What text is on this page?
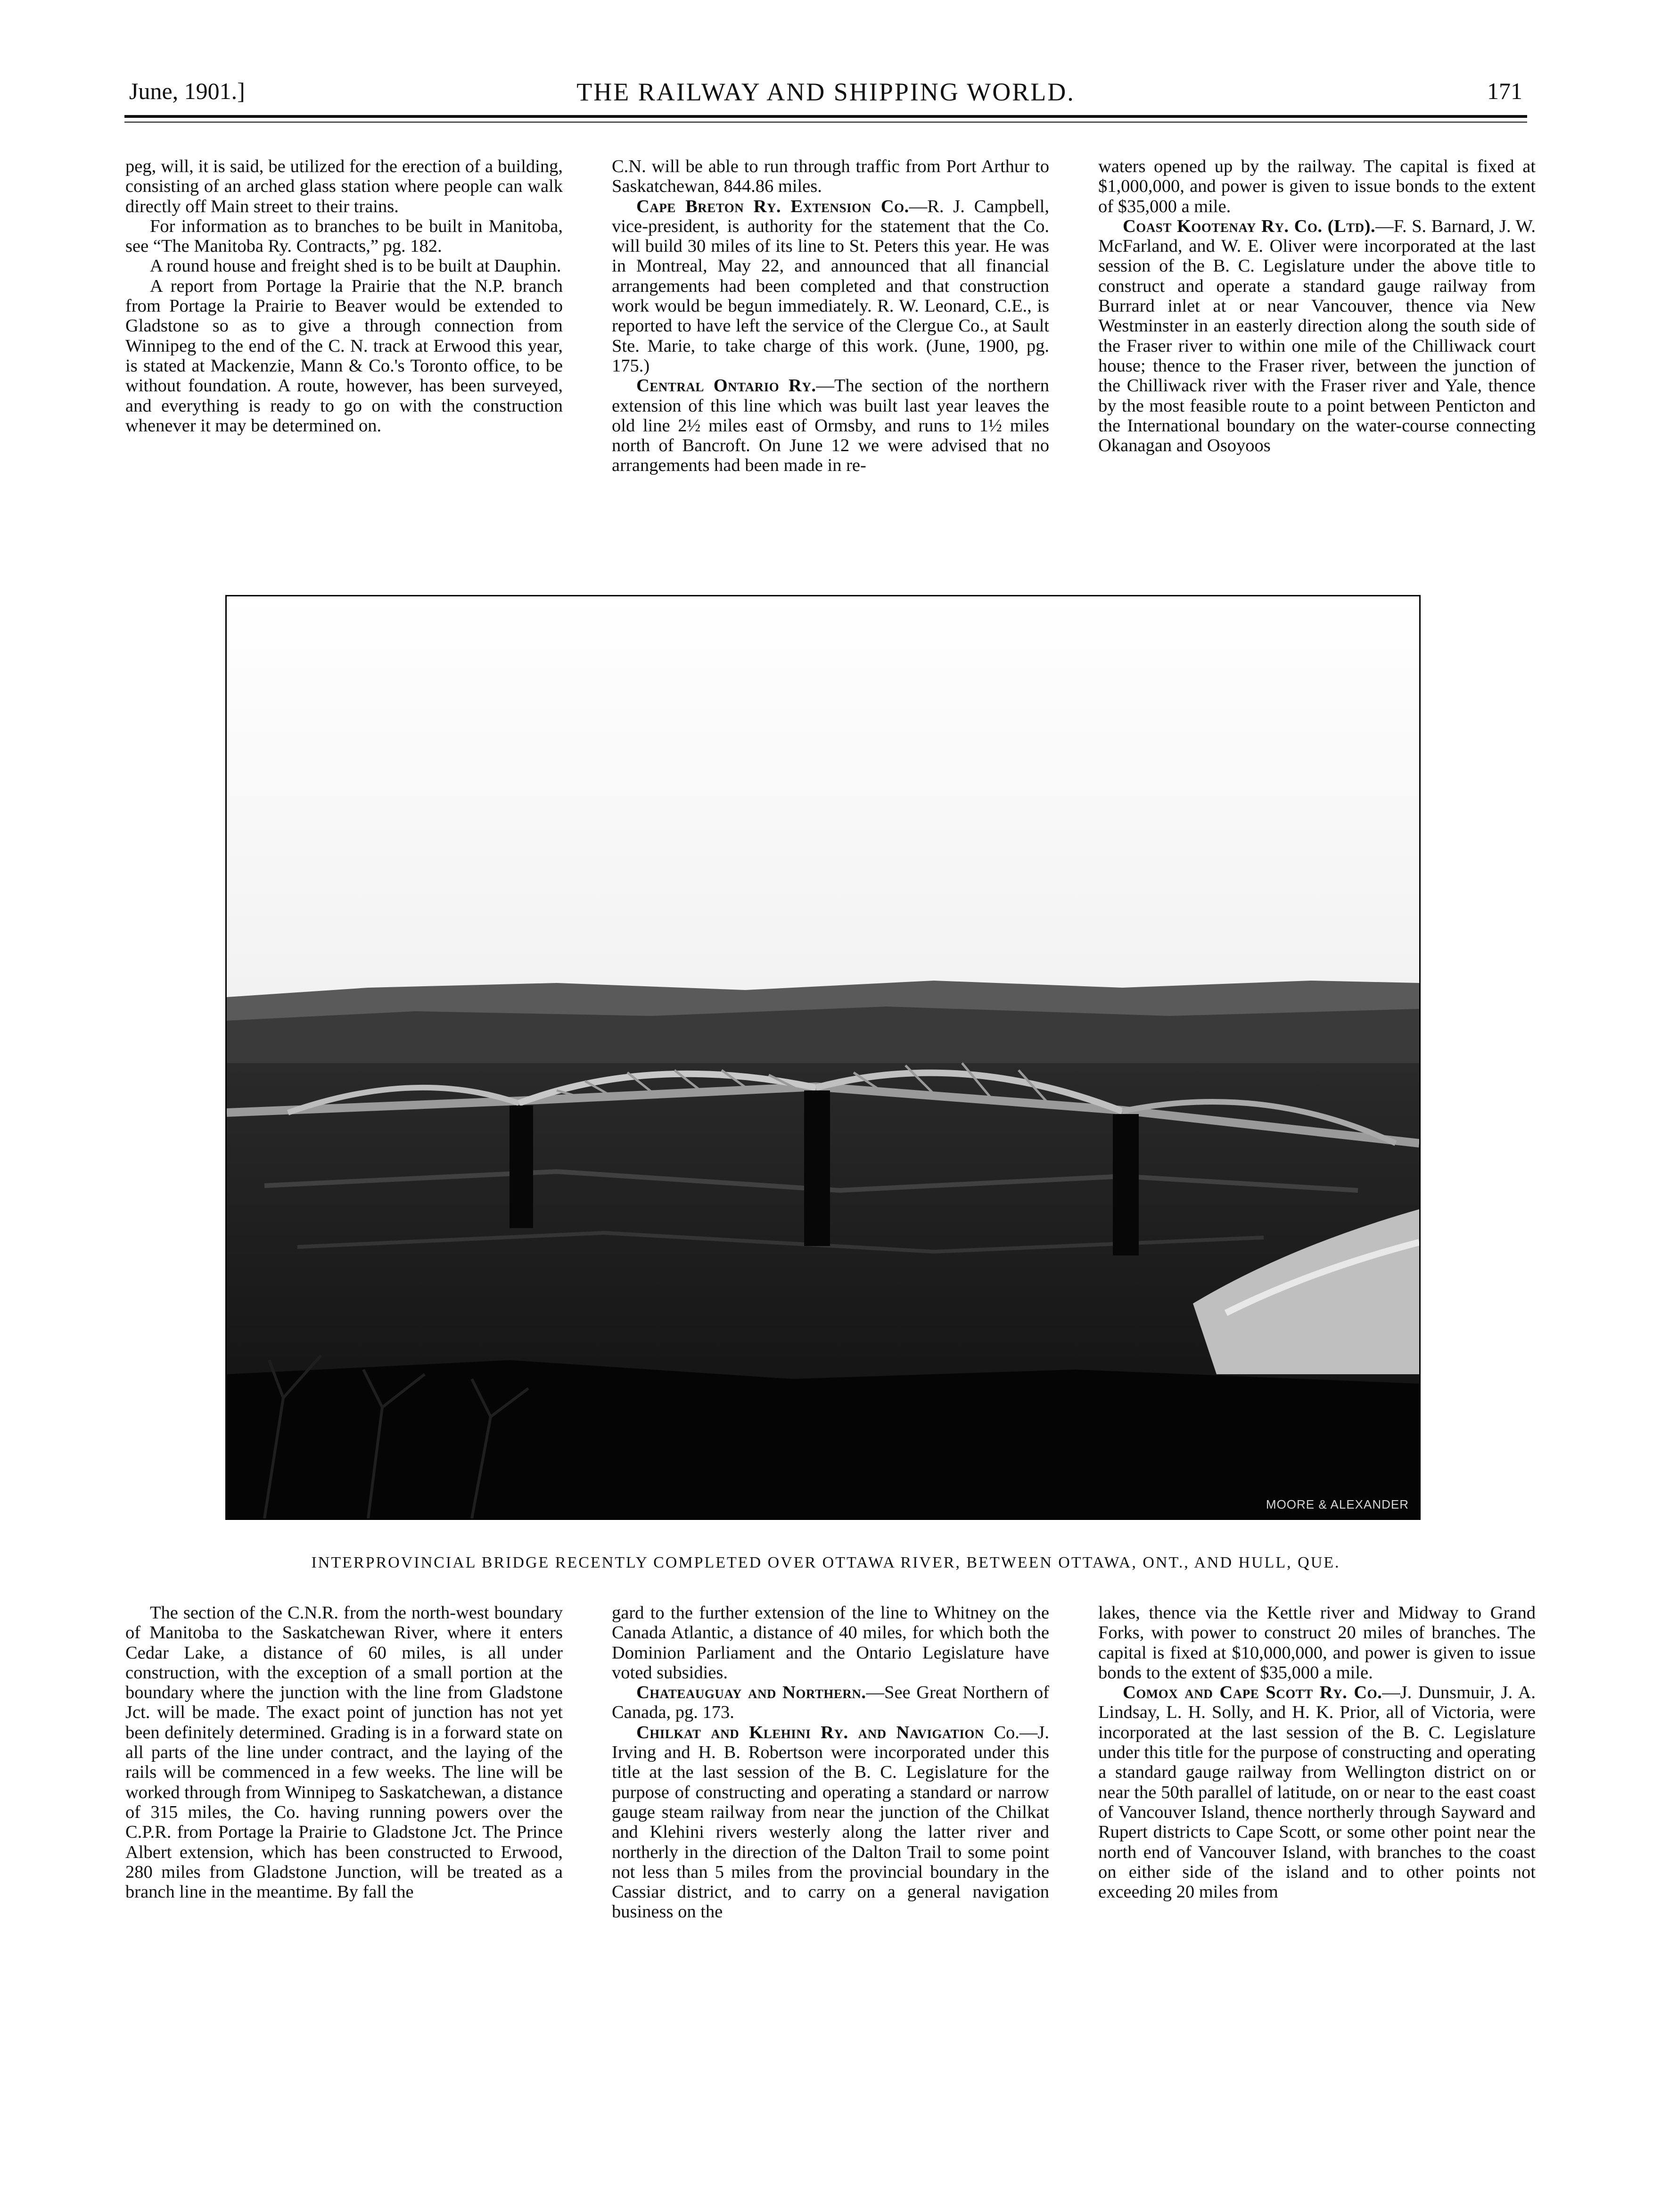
June, 1901.]	THE RAILWAY AND SHIPPING WORLD.	171

peg, will, it is said, be utilized for the erection of a building, consisting of an arched glass station where people can walk directly off Main street to their trains.

For information as to branches to be built in Manitoba, see “The Manitoba Ry. Contracts,” pg. 182.

A round house and freight shed is to be built at Dauphin.

A report from Portage la Prairie that the N.P. branch from Portage la Prairie to Beaver would be extended to Gladstone so as to give a through connection from Winnipeg to the end of the C. N. track at Erwood this year, is stated at Mackenzie, Mann & Co.'s Toronto office, to be without foundation. A route, however, has been surveyed, and everything is ready to go on with the construction whenever it may be determined on.

C.N. will be able to run through traffic from Port Arthur to Saskatchewan, 844.86 miles.

Cape Breton Ry. Extension Co.—R. J. Campbell, vice-president, is authority for the statement that the Co. will build 30 miles of its line to St. Peters this year. He was in Montreal, May 22, and announced that all financial arrangements had been completed and that construction work would be begun immediately. R. W. Leonard, C.E., is reported to have left the service of the Clergue Co., at Sault Ste. Marie, to take charge of this work. (June, 1900, pg. 175.)

Central Ontario Ry.—The section of the northern extension of this line which was built last year leaves the old line 2½ miles east of Ormsby, and runs to 1½ miles north of Bancroft. On June 12 we were advised that no arrangements had been made in re-

waters opened up by the railway. The capital is fixed at $1,000,000, and power is given to issue bonds to the extent of $35,000 a mile.

Coast Kootenay Ry. Co. (Ltd).—F. S. Barnard, J. W. McFarland, and W. E. Oliver were incorporated at the last session of the B. C. Legislature under the above title to construct and operate a standard gauge railway from Burrard inlet at or near Vancouver, thence via New Westminster in an easterly direction along the south side of the Fraser river to within one mile of the Chilliwack court house; thence to the Fraser river, between the junction of the Chilliwack river with the Fraser river and Yale, thence by the most feasible route to a point between Penticton and the International boundary on the water-course connecting Okanagan and Osoyoos

MOORE & ALEXANDER
INTERPROVINCIAL BRIDGE RECENTLY COMPLETED OVER OTTAWA RIVER, BETWEEN OTTAWA, ONT., AND HULL, QUE.

The section of the C.N.R. from the north-west boundary of Manitoba to the Saskatchewan River, where it enters Cedar Lake, a distance of 60 miles, is all under construction, with the exception of a small portion at the boundary where the junction with the line from Gladstone Jct. will be made. The exact point of junction has not yet been definitely determined. Grading is in a forward state on all parts of the line under contract, and the laying of the rails will be commenced in a few weeks. The line will be worked through from Winnipeg to Saskatchewan, a distance of 315 miles, the Co. having running powers over the C.P.R. from Portage la Prairie to Gladstone Jct. The Prince Albert extension, which has been constructed to Erwood, 280 miles from Gladstone Junction, will be treated as a branch line in the meantime. By fall the

gard to the further extension of the line to Whitney on the Canada Atlantic, a distance of 40 miles, for which both the Dominion Parliament and the Ontario Legislature have voted subsidies.

Chateauguay and Northern.—See Great Northern of Canada, pg. 173.

Chilkat and Klehini Ry. and Navigation Co.—J. Irving and H. B. Robertson were incorporated under this title at the last session of the B. C. Legislature for the purpose of constructing and operating a standard or narrow gauge steam railway from near the junction of the Chilkat and Klehini rivers westerly along the latter river and northerly in the direction of the Dalton Trail to some point not less than 5 miles from the provincial boundary in the Cassiar district, and to carry on a general navigation business on the

lakes, thence via the Kettle river and Midway to Grand Forks, with power to construct 20 miles of branches. The capital is fixed at $10,000,000, and power is given to issue bonds to the extent of $35,000 a mile.

Comox and Cape Scott Ry. Co.—J. Dunsmuir, J. A. Lindsay, L. H. Solly, and H. K. Prior, all of Victoria, were incorporated at the last session of the B. C. Legislature under this title for the purpose of constructing and operating a standard gauge railway from Wellington district on or near the 50th parallel of latitude, on or near to the east coast of Vancouver Island, thence northerly through Sayward and Rupert districts to Cape Scott, or some other point near the north end of Vancouver Island, with branches to the coast on either side of the island and to other points not exceeding 20 miles from
